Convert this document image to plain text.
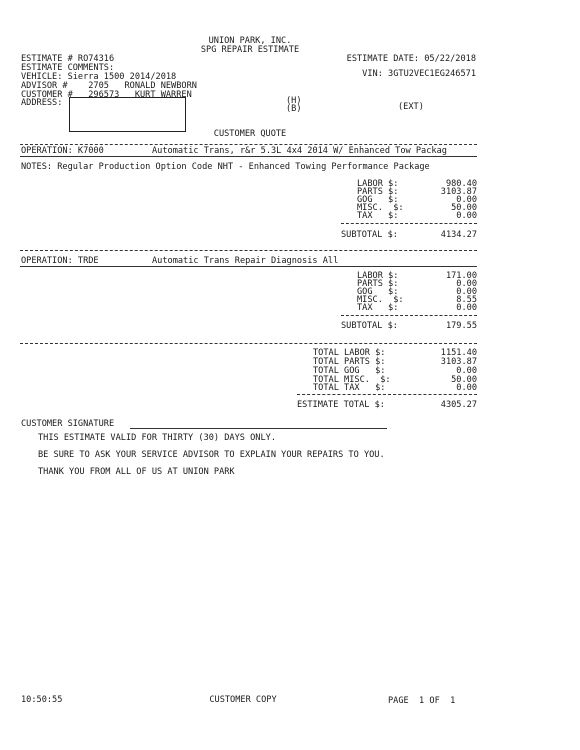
UNION PARK, INC.
SPG REPAIR ESTIMATE
ESTIMATE # RO74316
ESTIMATE COMMENTS:
VEHICLE: Sierra 1500 2014/2018
ADVISOR #    2705   RONALD NEWBORN
CUSTOMER #   296573   KURT WARREN
ADDRESS:	(H)
(B)	(EXT)
ESTIMATE DATE: 05/22/2018
VIN: 3GTU2VEC1EG246571
CUSTOMER QUOTE
OPERATION: K7000	Automatic Trans, r&r 5.3L 4x4 2014 W/ Enhanced Tow Packag
NOTES: Regular Production Option Code NHT - Enhanced Towing Performance Package
LABOR $:	980.40
PARTS $:	3103.87
GOG   $:	0.00
MISC.  $:	50.00
TAX   $:	0.00
SUBTOTAL $:	4134.27
OPERATION: TRDE	Automatic Trans Repair Diagnosis All
LABOR $:	171.00
PARTS $:	0.00
GOG   $:	0.00
MISC.  $:	8.55
TAX   $:	0.00
SUBTOTAL $:	179.55
TOTAL LABOR $:	1151.40
TOTAL PARTS $:	3103.87
TOTAL GOG   $:	0.00
TOTAL MISC.  $:	50.00
TOTAL TAX   $:	0.00
ESTIMATE TOTAL $:	4305.27
CUSTOMER SIGNATURE
THIS ESTIMATE VALID FOR THIRTY (30) DAYS ONLY.
BE SURE TO ASK YOUR SERVICE ADVISOR TO EXPLAIN YOUR REPAIRS TO YOU.
THANK YOU FROM ALL OF US AT UNION PARK
10:50:55	CUSTOMER COPY	PAGE  1 OF  1
